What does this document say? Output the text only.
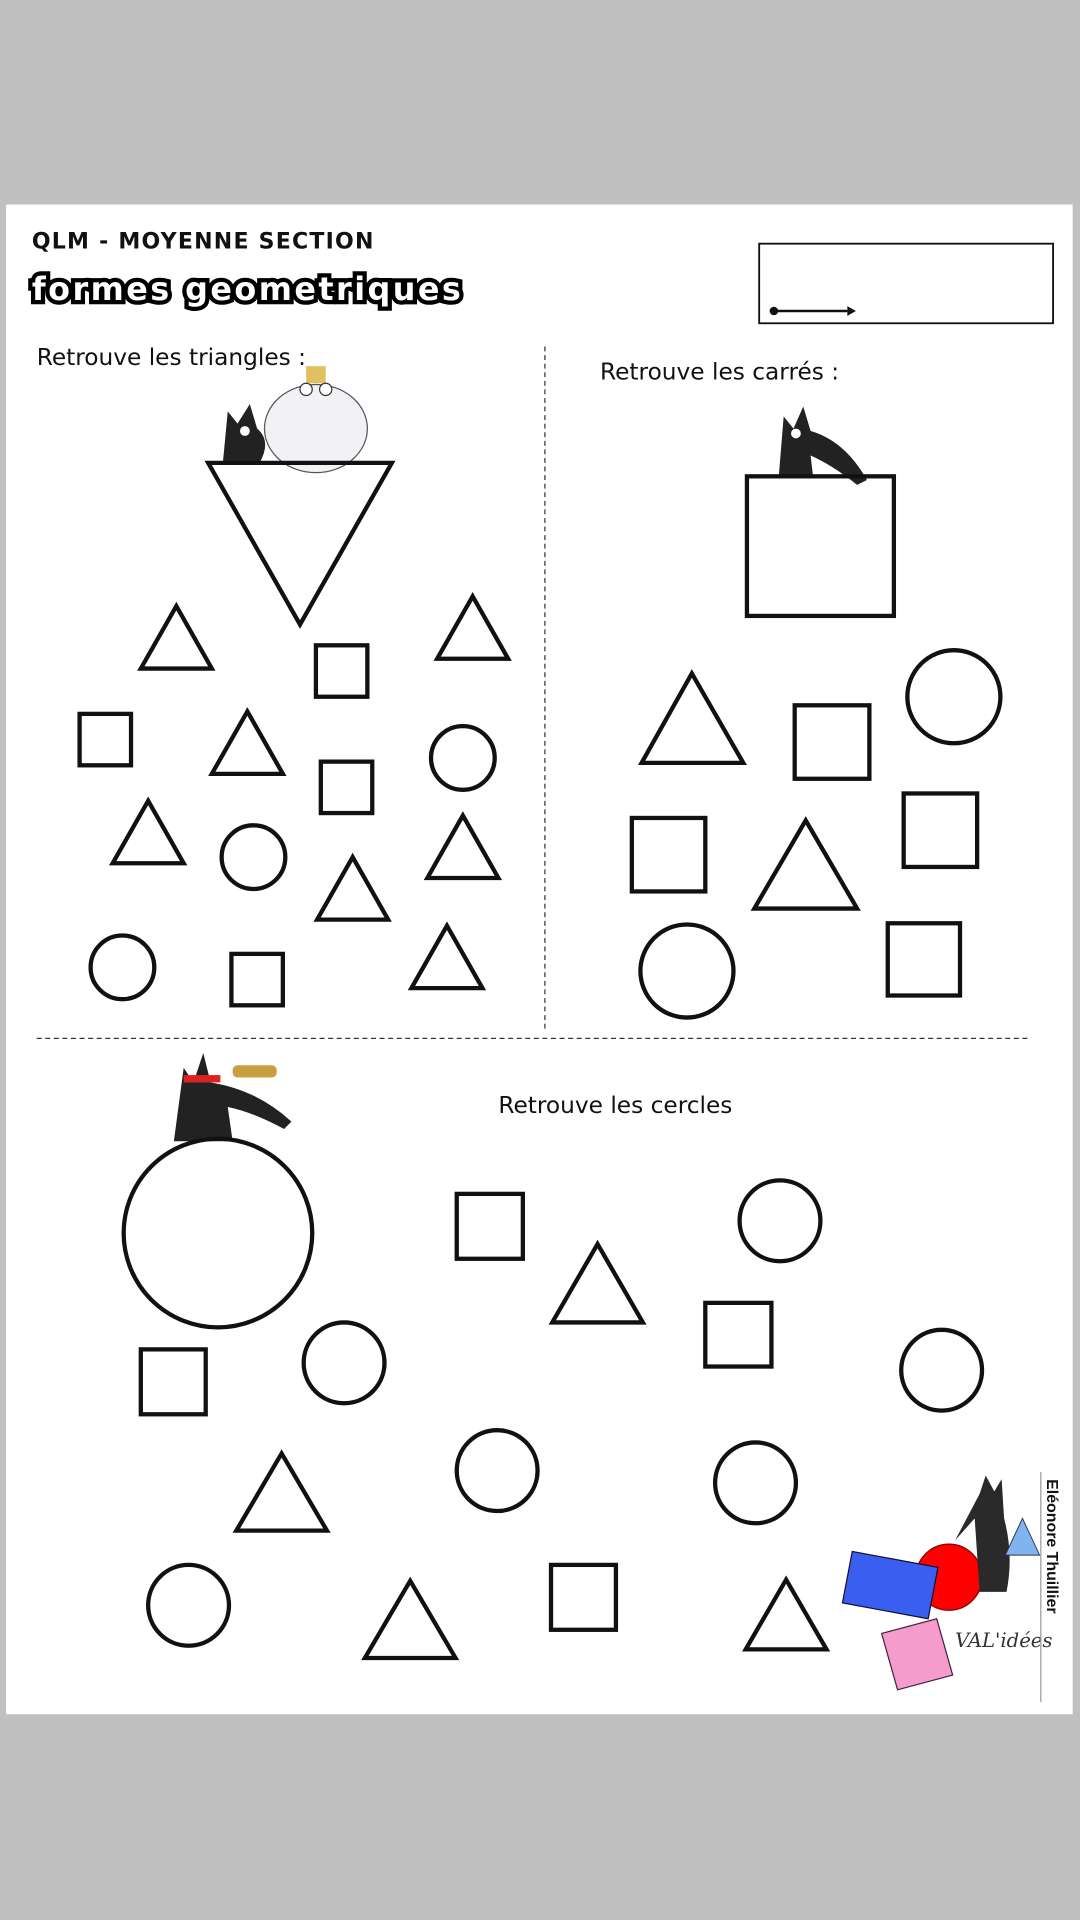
QLM - MOYENNE SECTION
formes geometriques
Retrouve les triangles :
Retrouve les carrés :
Retrouve les cercles
VAL'idées
Eléonore Thuillier
